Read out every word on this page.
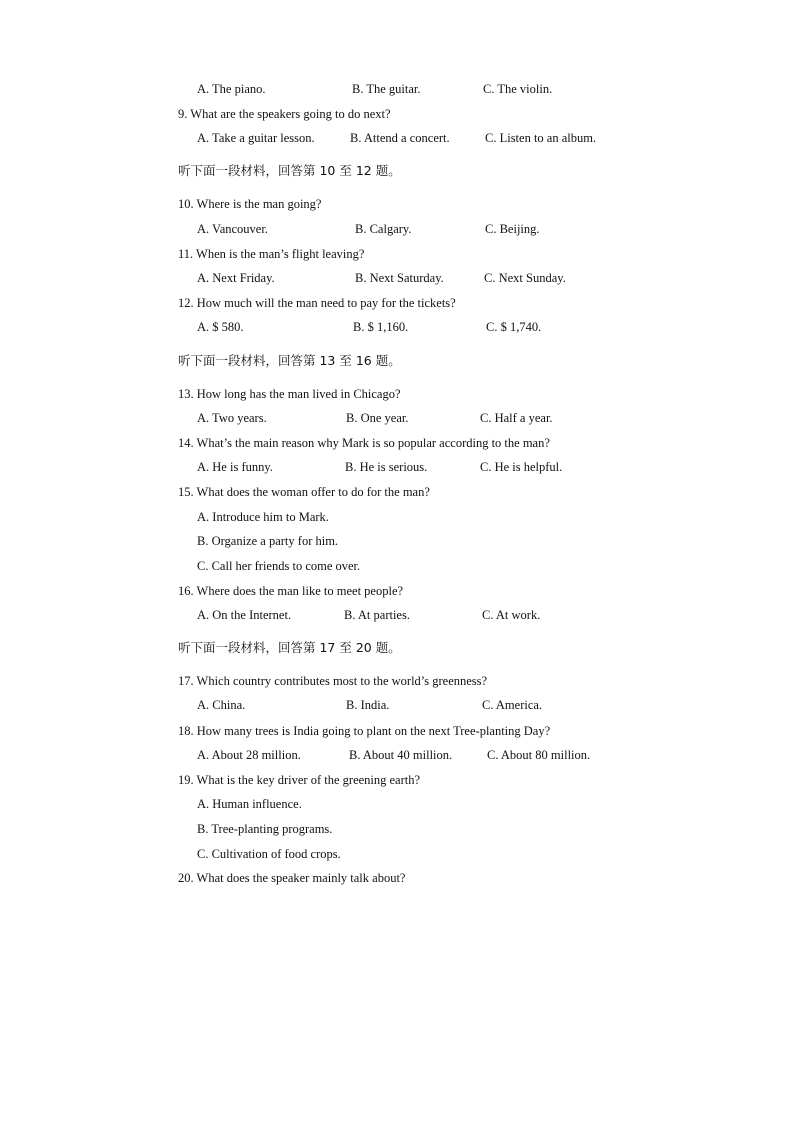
A. The piano.	B. The guitar.	C. The violin.
9. What are the speakers going to do next?
A. Take a guitar lesson.	B. Attend a concert.	C. Listen to an album.
听下面一段材料，回答第 10 至 12 题。
10. Where is the man going?
A. Vancouver.	B. Calgary.	C. Beijing.
11. When is the man’s flight leaving?
A. Next Friday.	B. Next Saturday.	C. Next Sunday.
12. How much will the man need to pay for the tickets?
A. $ 580.	B. $ 1,160.	C. $ 1,740.
听下面一段材料，回答第 13 至 16 题。
13. How long has the man lived in Chicago?
A. Two years.	B. One year.	C. Half a year.
14. What’s the main reason why Mark is so popular according to the man?
A. He is funny.	B. He is serious.	C. He is helpful.
15. What does the woman offer to do for the man?
A. Introduce him to Mark.
B. Organize a party for him.
C. Call her friends to come over.
16. Where does the man like to meet people?
A. On the Internet.	B. At parties.	C. At work.
听下面一段材料，回答第 17 至 20 题。
17. Which country contributes most to the world’s greenness?
A. China.	B. India.	C. America.
18. How many trees is India going to plant on the next Tree-planting Day?
A. About 28 million.	B. About 40 million.	C. About 80 million.
19. What is the key driver of the greening earth?
A. Human influence.
B. Tree-planting programs.
C. Cultivation of food crops.
20. What does the speaker mainly talk about?
